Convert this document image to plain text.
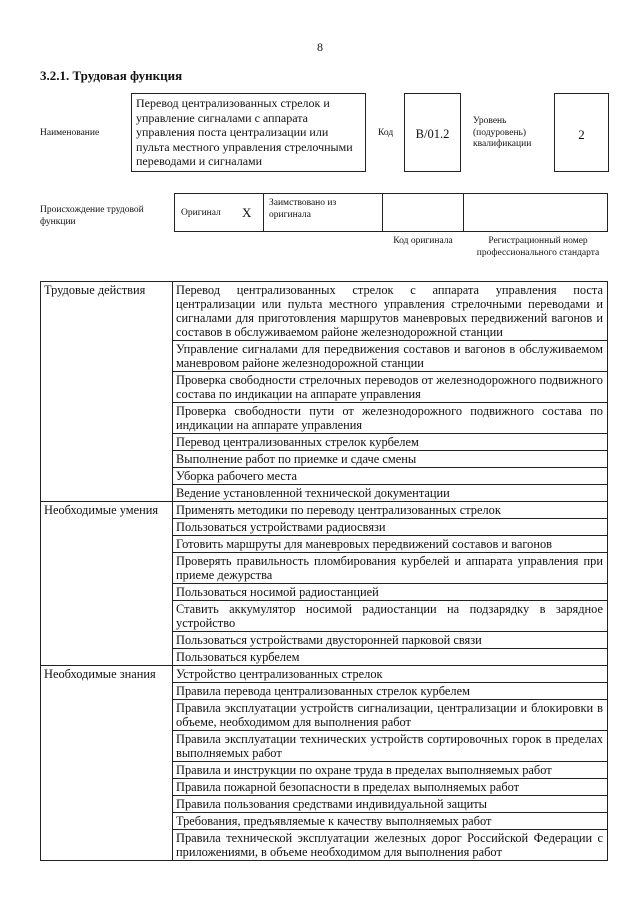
8
3.2.1. Трудовая функция
Наименование
Перевод централизованных стрелок и управление сигналами с аппарата управления поста централизации или пульта местного управления стрелочными переводами и сигналами
Код	B/01.2
Уровень (подуровень) квалификации
2
Происхождение трудовой функции
Оригинал X
Заимствовано из оригинала
Код оригинала	Регистрационный номер профессионального стандарта
Трудовые действия	Перевод централизованных стрелок с аппарата управления поста централизации или пульта местного управления стрелочными переводами и сигналами для приготовления маршрутов маневровых передвижений вагонов и составов в обслуживаемом районе железнодорожной станции
	Управление сигналами для передвижения составов и вагонов в обслуживаемом маневровом районе железнодорожной станции
	Проверка свободности стрелочных переводов от железнодорожного подвижного состава по индикации на аппарате управления
	Проверка свободности пути от железнодорожного подвижного состава по индикации на аппарате управления
	Перевод централизованных стрелок курбелем
	Выполнение работ по приемке и сдаче смены
	Уборка рабочего места
	Ведение установленной технической документации
Необходимые умения	Применять методики по переводу централизованных стрелок
	Пользоваться устройствами радиосвязи
	Готовить маршруты для маневровых передвижений составов и вагонов
	Проверять правильность пломбирования курбелей и аппарата управления при приеме дежурства
	Пользоваться носимой радиостанцией
	Ставить аккумулятор носимой радиостанции на подзарядку в зарядное устройство
	Пользоваться устройствами двусторонней парковой связи
	Пользоваться курбелем
Необходимые знания	Устройство централизованных стрелок
	Правила перевода централизованных стрелок курбелем
	Правила эксплуатации устройств сигнализации, централизации и блокировки в объеме, необходимом для выполнения работ
	Правила эксплуатации технических устройств сортировочных горок в пределах выполняемых работ
	Правила и инструкции по охране труда в пределах выполняемых работ
	Правила пожарной безопасности в пределах выполняемых работ
	Правила пользования средствами индивидуальной защиты
	Требования, предъявляемые к качеству выполняемых работ
	Правила технической эксплуатации железных дорог Российской Федерации с приложениями, в объеме необходимом для выполнения работ
